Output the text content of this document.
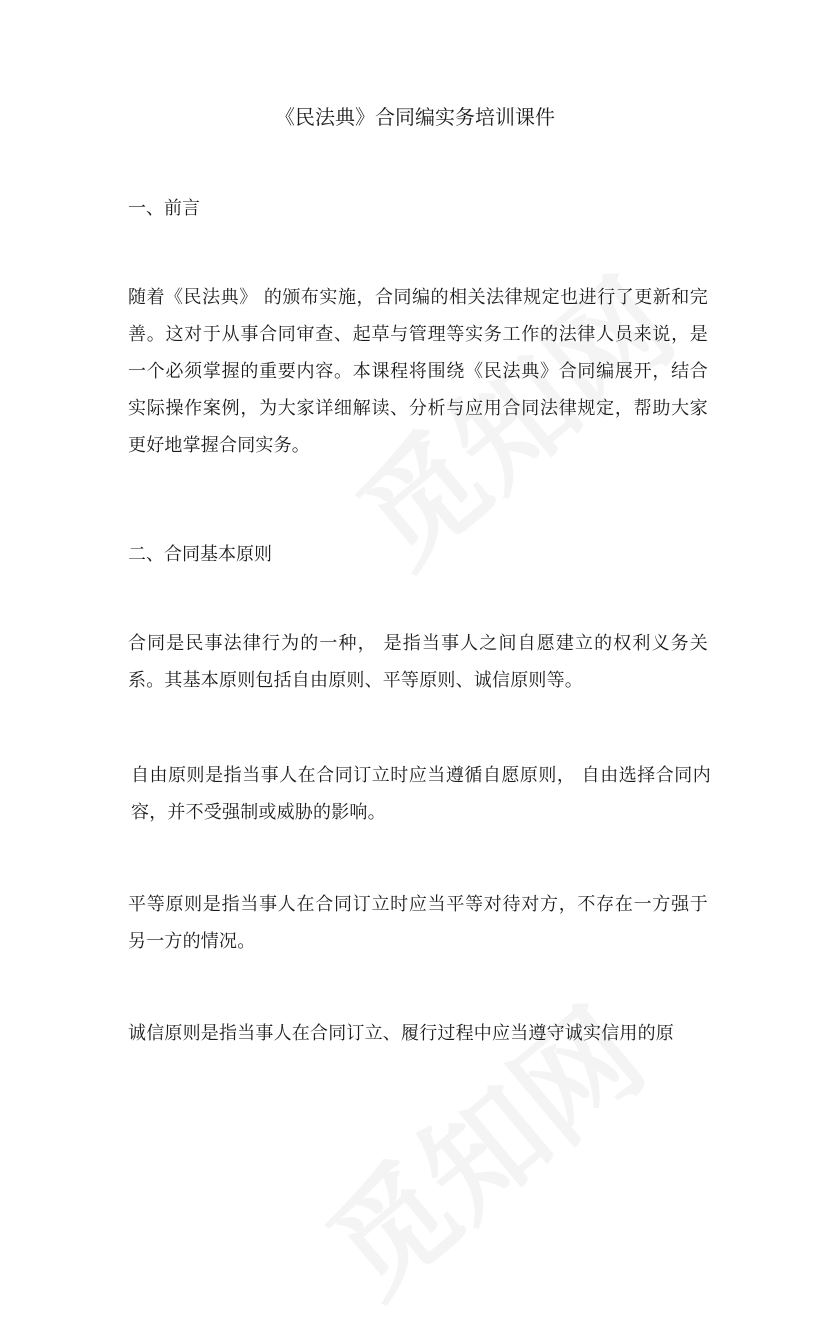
《民法典》合同编实务培训课件
一、前言

随着《民法典》 的颁布实施，合同编的相关法律规定也进行了更新和完善。这对于从事合同审查、起草与管理等实务工作的法律人员来说，是一个必须掌握的重要内容。本课程将围绕《民法典》合同编展开，结合实际操作案例，为大家详细解读、分析与应用合同法律规定，帮助大家更好地掌握合同实务。

二、合同基本原则

合同是民事法律行为的一种， 是指当事人之间自愿建立的权利义务关系。其基本原则包括自由原则、平等原则、诚信原则等。

自由原则是指当事人在合同订立时应当遵循自愿原则， 自由选择合同内容，并不受强制或威胁的影响。

平等原则是指当事人在合同订立时应当平等对待对方，不存在一方强于另一方的情况。

诚信原则是指当事人在合同订立、履行过程中应当遵守诚实信用的原
